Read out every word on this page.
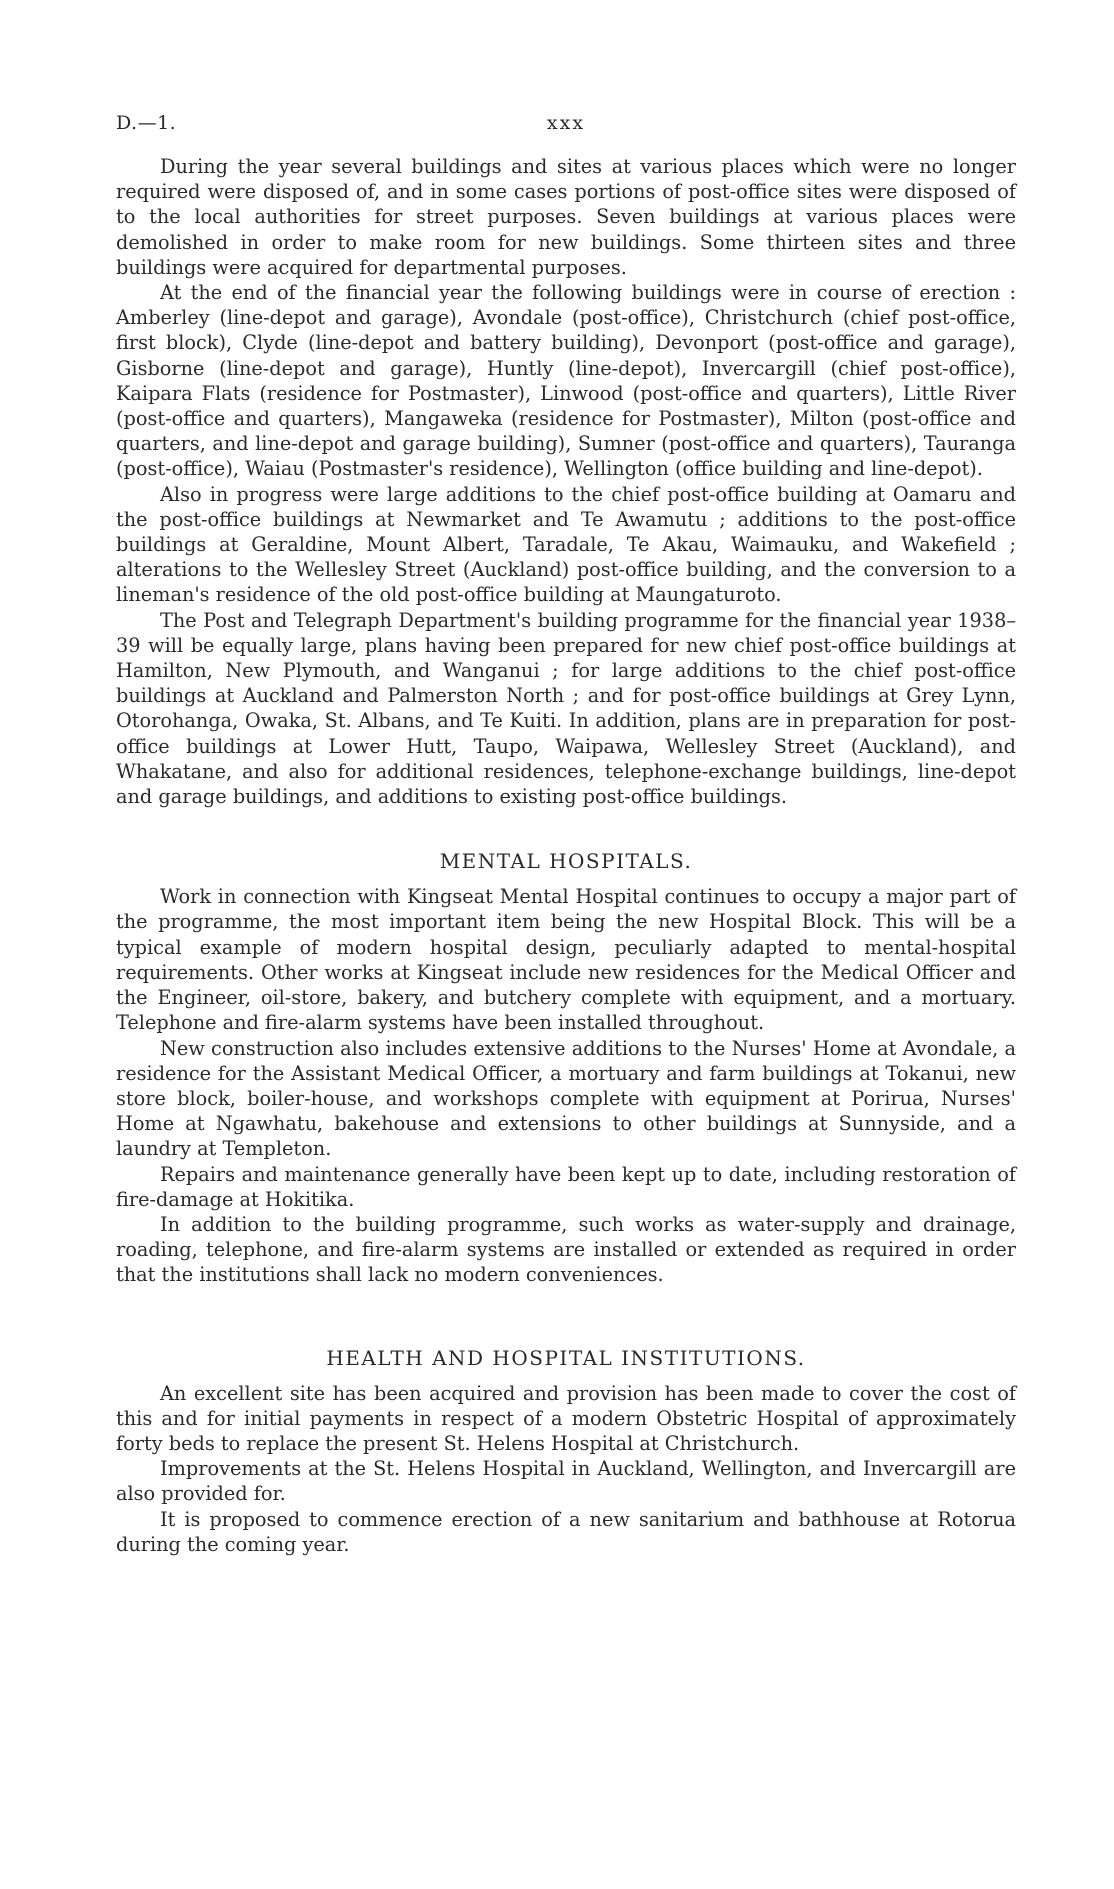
D.—1.	xxx

During the year several buildings and sites at various places which were no longer required were disposed of, and in some cases portions of post-office sites were disposed of to the local authorities for street purposes. Seven buildings at various places were demolished in order to make room for new buildings. Some thirteen sites and three buildings were acquired for departmental purposes.

At the end of the financial year the following buildings were in course of erection : Amberley (line-depot and garage), Avondale (post-office), Christchurch (chief post-office, first block), Clyde (line-depot and battery building), Devonport (post-office and garage), Gisborne (line-depot and garage), Huntly (line-depot), Invercargill (chief post-office), Kaipara Flats (residence for Postmaster), Linwood (post-office and quarters), Little River (post-office and quarters), Mangaweka (residence for Postmaster), Milton (post-office and quarters, and line-depot and garage building), Sumner (post-office and quarters), Tauranga (post-office), Waiau (Postmaster's residence), Wellington (office building and line-depot).

Also in progress were large additions to the chief post-office building at Oamaru and the post-office buildings at Newmarket and Te Awamutu ; additions to the post-office buildings at Geraldine, Mount Albert, Taradale, Te Akau, Waimauku, and Wakefield ; alterations to the Wellesley Street (Auckland) post-office building, and the conversion to a lineman's residence of the old post-office building at Maungaturoto.

The Post and Telegraph Department's building programme for the financial year 1938–39 will be equally large, plans having been prepared for new chief post-office buildings at Hamilton, New Plymouth, and Wanganui ; for large additions to the chief post-office buildings at Auckland and Palmerston North ; and for post-office buildings at Grey Lynn, Otorohanga, Owaka, St. Albans, and Te Kuiti. In addition, plans are in preparation for post-office buildings at Lower Hutt, Taupo, Waipawa, Wellesley Street (Auckland), and Whakatane, and also for additional residences, telephone-exchange buildings, line-depot and garage buildings, and additions to existing post-office buildings.

MENTAL HOSPITALS.

Work in connection with Kingseat Mental Hospital continues to occupy a major part of the programme, the most important item being the new Hospital Block. This will be a typical example of modern hospital design, peculiarly adapted to mental-hospital requirements. Other works at Kingseat include new residences for the Medical Officer and the Engineer, oil-store, bakery, and butchery complete with equipment, and a mortuary. Telephone and fire-alarm systems have been installed throughout.

New construction also includes extensive additions to the Nurses' Home at Avondale, a residence for the Assistant Medical Officer, a mortuary and farm buildings at Tokanui, new store block, boiler-house, and workshops complete with equipment at Porirua, Nurses' Home at Ngawhatu, bakehouse and extensions to other buildings at Sunnyside, and a laundry at Templeton.

Repairs and maintenance generally have been kept up to date, including restoration of fire-damage at Hokitika.

In addition to the building programme, such works as water-supply and drainage, roading, telephone, and fire-alarm systems are installed or extended as required in order that the institutions shall lack no modern conveniences.

HEALTH AND HOSPITAL INSTITUTIONS.

An excellent site has been acquired and provision has been made to cover the cost of this and for initial payments in respect of a modern Obstetric Hospital of approximately forty beds to replace the present St. Helens Hospital at Christchurch.

Improvements at the St. Helens Hospital in Auckland, Wellington, and Invercargill are also provided for.

It is proposed to commence erection of a new sanitarium and bathhouse at Rotorua during the coming year.
